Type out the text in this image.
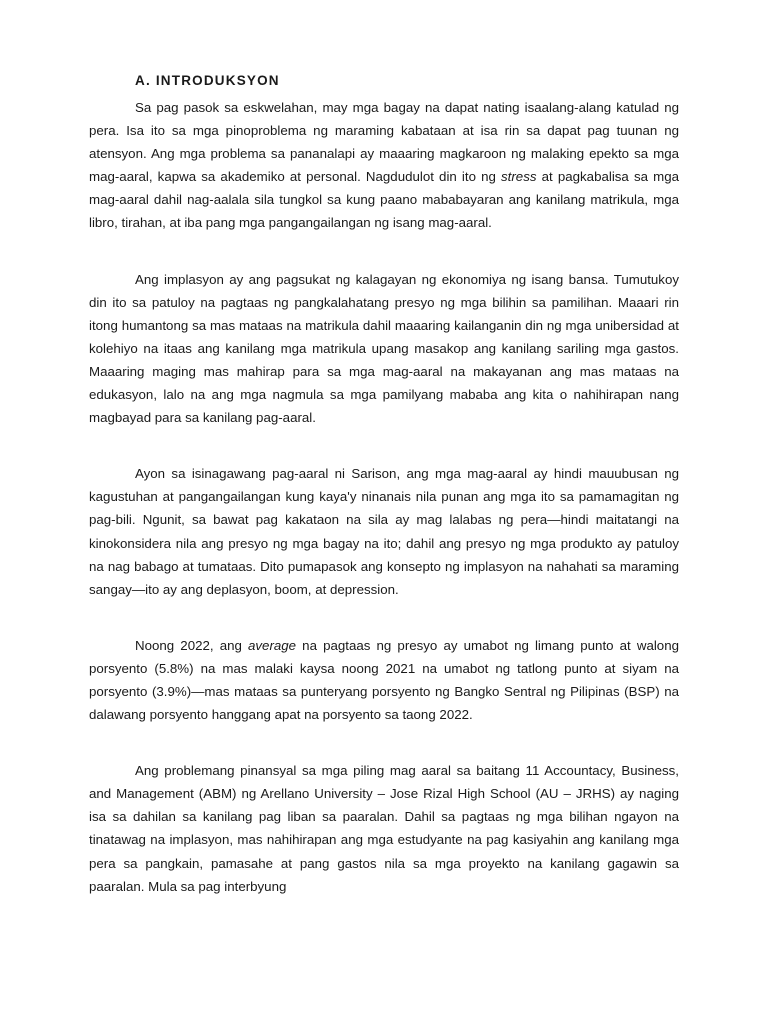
A. INTRODUKSYON

Sa pag pasok sa eskwelahan, may mga bagay na dapat nating isaalang-alang katulad ng pera. Isa ito sa mga pinoproblema ng maraming kabataan at isa rin sa dapat pag tuunan ng atensyon. Ang mga problema sa pananalapi ay maaaring magkaroon ng malaking epekto sa mga mag-aaral, kapwa sa akademiko at personal. Nagdudulot din ito ng stress at pagkabalisa sa mga mag-aaral dahil nag-aalala sila tungkol sa kung paano mababayaran ang kanilang matrikula, mga libro, tirahan, at iba pang mga pangangailangan ng isang mag-aaral.

Ang implasyon ay ang pagsukat ng kalagayan ng ekonomiya ng isang bansa. Tumutukoy din ito sa patuloy na pagtaas ng pangkalahatang presyo ng mga bilihin sa pamilihan. Maaari rin itong humantong sa mas mataas na matrikula dahil maaaring kailanganin din ng mga unibersidad at kolehiyo na itaas ang kanilang mga matrikula upang masakop ang kanilang sariling mga gastos. Maaaring maging mas mahirap para sa mga mag-aaral na makayanan ang mas mataas na edukasyon, lalo na ang mga nagmula sa mga pamilyang mababa ang kita o nahihirapan nang magbayad para sa kanilang pag-aaral.

Ayon sa isinagawang pag-aaral ni Sarison, ang mga mag-aaral ay hindi mauubusan ng kagustuhan at pangangailangan kung kaya'y ninanais nila punan ang mga ito sa pamamagitan ng pag-bili. Ngunit, sa bawat pag kakataon na sila ay mag lalabas ng pera—hindi maitatangi na kinokonsidera nila ang presyo ng mga bagay na ito; dahil ang presyo ng mga produkto ay patuloy na nag babago at tumataas. Dito pumapasok ang konsepto ng implasyon na nahahati sa maraming sangay—ito ay ang deplasyon, boom, at depression.

Noong 2022, ang average na pagtaas ng presyo ay umabot ng limang punto at walong porsyento (5.8%) na mas malaki kaysa noong 2021 na umabot ng tatlong punto at siyam na porsyento (3.9%)—mas mataas sa punteryang porsyento ng Bangko Sentral ng Pilipinas (BSP) na dalawang porsyento hanggang apat na porsyento sa taong 2022.

Ang problemang pinansyal sa mga piling mag aaral sa baitang 11 Accountacy, Business, and Management (ABM) ng Arellano University – Jose Rizal High School (AU – JRHS) ay naging isa sa dahilan sa kanilang pag liban sa paaralan. Dahil sa pagtaas ng mga bilihan ngayon na tinatawag na implasyon, mas nahihirapan ang mga estudyante na pag kasiyahin ang kanilang mga pera sa pangkain, pamasahe at pang gastos nila sa mga proyekto na kanilang gagawin sa paaralan. Mula sa pag interbyung
